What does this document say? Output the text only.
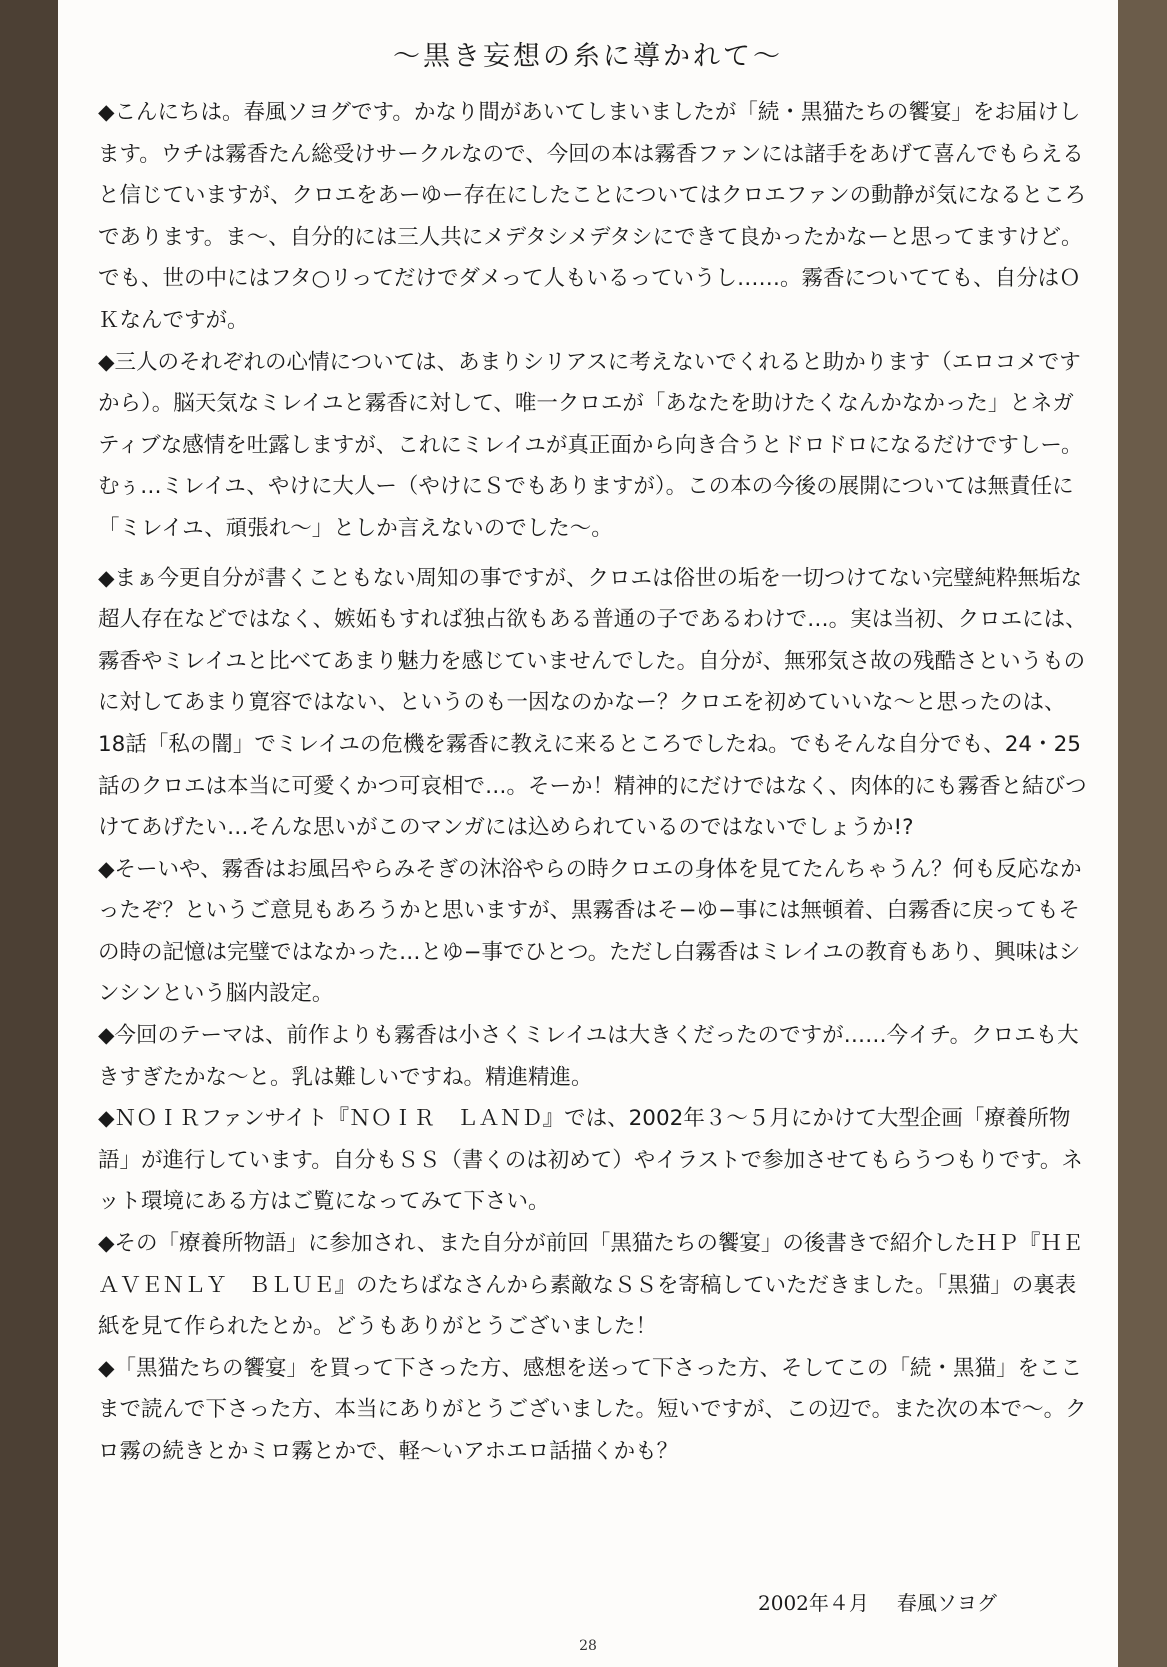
〜黒き妄想の糸に導かれて〜

◆こんにちは。春風ソヨグです。かなり間があいてしまいましたが「続・黒猫たちの饗宴」をお届けします。ウチは霧香たん総受けサークルなので、今回の本は霧香ファンには諸手をあげて喜んでもらえると信じていますが、クロエをあーゆー存在にしたことについてはクロエファンの動静が気になるところであります。ま〜、自分的には三人共にメデタシメデタシにできて良かったかなーと思ってますけど。でも、世の中にはフタ○リってだけでダメって人もいるっていうし……。霧香についてても、自分はＯＫなんですが。

◆三人のそれぞれの心情については、あまりシリアスに考えないでくれると助かります（エロコメですから）。脳天気なミレイユと霧香に対して、唯一クロエが「あなたを助けたくなんかなかった」とネガティブな感情を吐露しますが、これにミレイユが真正面から向き合うとドロドロになるだけですしー。むぅ…ミレイユ、やけに大人ー（やけにＳでもありますが）。この本の今後の展開については無責任に「ミレイユ、頑張れ〜」としか言えないのでした〜。

◆まぁ今更自分が書くこともない周知の事ですが、クロエは俗世の垢を一切つけてない完璧純粋無垢な超人存在などではなく、嫉妬もすれば独占欲もある普通の子であるわけで…。実は当初、クロエには、霧香やミレイユと比べてあまり魅力を感じていませんでした。自分が、無邪気さ故の残酷さというものに対してあまり寛容ではない、というのも一因なのかなー？クロエを初めていいな〜と思ったのは、18話「私の闇」でミレイユの危機を霧香に教えに来るところでしたね。でもそんな自分でも、24・25話のクロエは本当に可愛くかつ可哀相で…。そーか！精神的にだけではなく、肉体的にも霧香と結びつけてあげたい…そんな思いがこのマンガには込められているのではないでしょうか!?

◆そーいや、霧香はお風呂やらみそぎの沐浴やらの時クロエの身体を見てたんちゃうん？何も反応なかったぞ？というご意見もあろうかと思いますが、黒霧香はそ−ゆ−事には無頓着、白霧香に戻ってもその時の記憶は完璧ではなかった…とゆ−事でひとつ。ただし白霧香はミレイユの教育もあり、興味はシンシンという脳内設定。

◆今回のテーマは、前作よりも霧香は小さくミレイユは大きくだったのですが……今イチ。クロエも大きすぎたかな〜と。乳は難しいですね。精進精進。

◆ＮＯＩＲファンサイト『ＮＯＩＲ　ＬＡＮＤ』では、2002年３〜５月にかけて大型企画「療養所物語」が進行しています。自分もＳＳ（書くのは初めて）やイラストで参加させてもらうつもりです。ネット環境にある方はご覧になってみて下さい。

◆その「療養所物語」に参加され、また自分が前回「黒猫たちの饗宴」の後書きで紹介したＨＰ『ＨＥＡＶＥＮＬＹ　ＢＬＵＥ』のたちばなさんから素敵なＳＳを寄稿していただきました。「黒猫」の裏表紙を見て作られたとか。どうもありがとうございました！

◆「黒猫たちの饗宴」を買って下さった方、感想を送って下さった方、そしてこの「続・黒猫」をここまで読んで下さった方、本当にありがとうございました。短いですが、この辺で。また次の本で〜。クロ霧の続きとかミロ霧とかで、軽〜いアホエロ話描くかも？

2002年４月 春風ソヨグ
28
